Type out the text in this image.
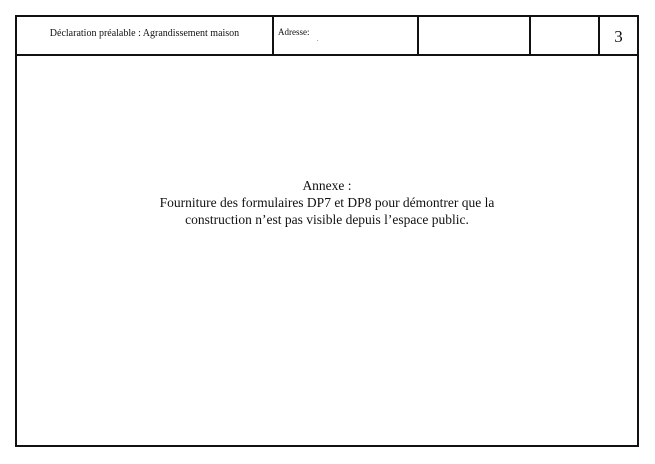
Déclaration préalable : Agrandissement maison	Adresse:
.	3
Annexe :
Fourniture des formulaires DP7 et DP8 pour démontrer que la
construction n’est pas visible depuis l’espace public.
